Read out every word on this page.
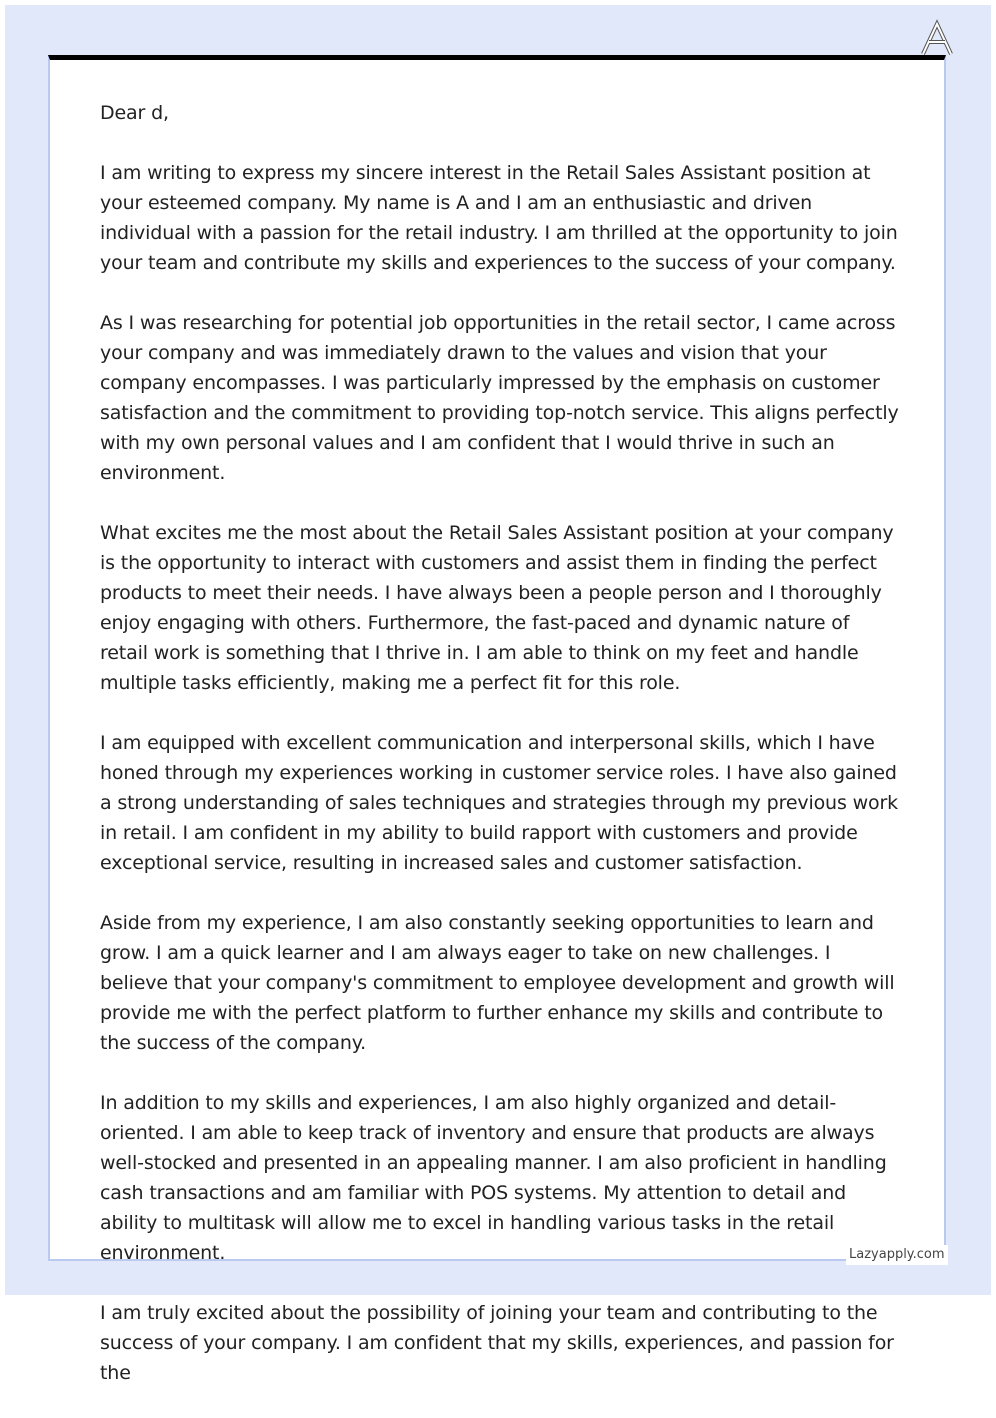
Dear d,

I am writing to express my sincere interest in the Retail Sales Assistant position at your esteemed company. My name is A and I am an enthusiastic and driven individual with a passion for the retail industry. I am thrilled at the opportunity to join your team and contribute my skills and experiences to the success of your company.

As I was researching for potential job opportunities in the retail sector, I came across your company and was immediately drawn to the values and vision that your company encompasses. I was particularly impressed by the emphasis on customer satisfaction and the commitment to providing top-notch service. This aligns perfectly with my own personal values and I am confident that I would thrive in such an environment.

What excites me the most about the Retail Sales Assistant position at your company is the opportunity to interact with customers and assist them in finding the perfect products to meet their needs. I have always been a people person and I thoroughly enjoy engaging with others. Furthermore, the fast-paced and dynamic nature of retail work is something that I thrive in. I am able to think on my feet and handle multiple tasks efficiently, making me a perfect fit for this role.

I am equipped with excellent communication and interpersonal skills, which I have honed through my experiences working in customer service roles. I have also gained a strong understanding of sales techniques and strategies through my previous work in retail. I am confident in my ability to build rapport with customers and provide exceptional service, resulting in increased sales and customer satisfaction.

Aside from my experience, I am also constantly seeking opportunities to learn and grow. I am a quick learner and I am always eager to take on new challenges. I believe that your company's commitment to employee development and growth will provide me with the perfect platform to further enhance my skills and contribute to the success of the company.

In addition to my skills and experiences, I am also highly organized and detail-oriented. I am able to keep track of inventory and ensure that products are always well-stocked and presented in an appealing manner. I am also proficient in handling cash transactions and am familiar with POS systems. My attention to detail and ability to multitask will allow me to excel in handling various tasks in the retail environment.

I am truly excited about the possibility of joining your team and contributing to the success of your company. I am confident that my skills, experiences, and passion for the

Lazyapply.com
